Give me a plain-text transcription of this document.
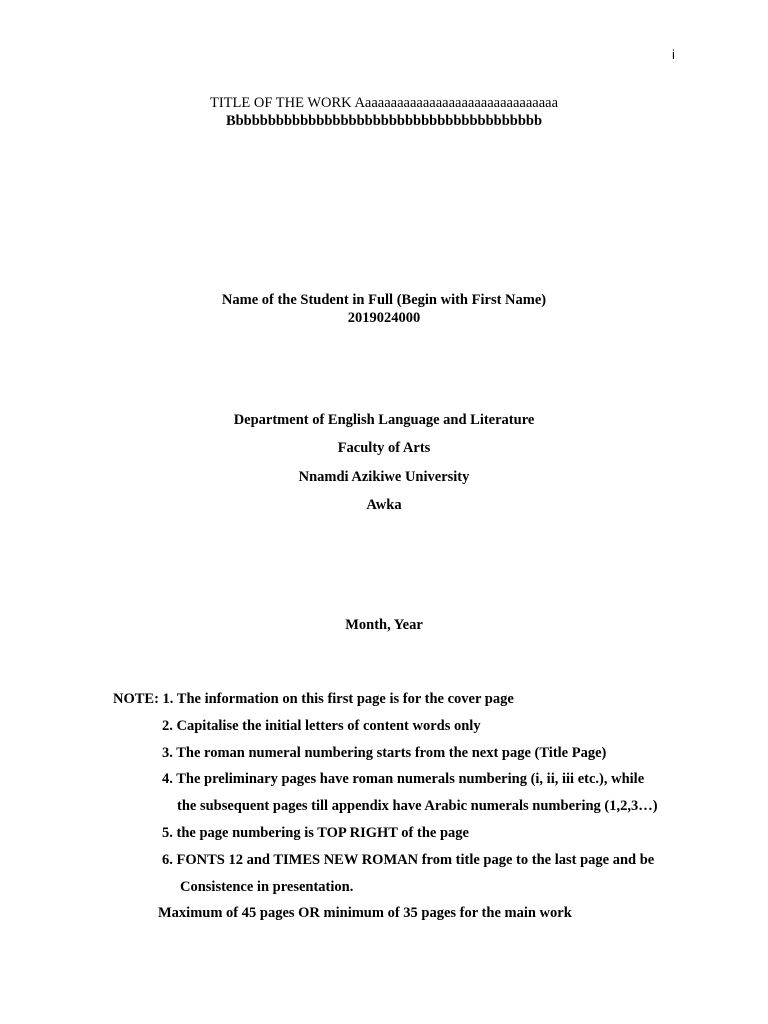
i
TITLE OF THE WORK Aaaaaaaaaaaaaaaaaaaaaaaaaaaaaaa
Bbbbbbbbbbbbbbbbbbbbbbbbbbbbbbbbbbbbbbb
Name of the Student in Full (Begin with First Name)
2019024000
Department of English Language and Literature
Faculty of Arts
Nnamdi Azikiwe University
Awka
Month, Year
NOTE: 1. The information on this first page is for the cover page
2. Capitalise the initial letters of content words only
3. The roman numeral numbering starts from the next page (Title Page)
4. The preliminary pages have roman numerals numbering (i, ii, iii etc.), while
the subsequent pages till appendix have Arabic numerals numbering (1,2,3…)
5. the page numbering is TOP RIGHT of the page
6. FONTS 12 and TIMES NEW ROMAN from title page to the last page and be
Consistence in presentation.
Maximum of 45 pages OR minimum of 35 pages for the main work
